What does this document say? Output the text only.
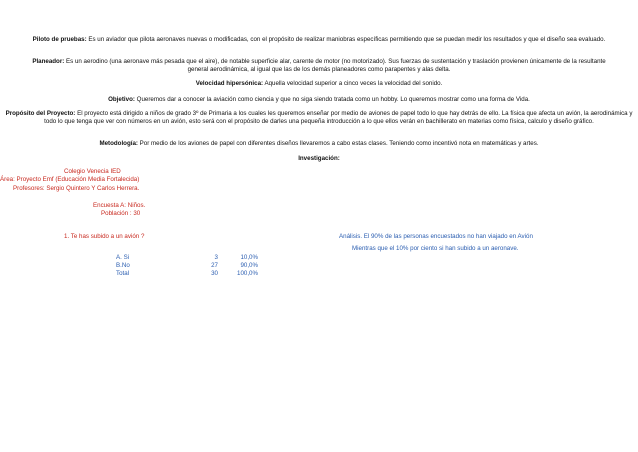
Piloto de pruebas: Es un aviador que pilota aeronaves nuevas o modificadas, con el propósito de realizar maniobras específicas permitiendo que se puedan medir los resultados y que el diseño sea evaluado.
Planeador: Es un aerodino (una aeronave más pesada que el aire), de notable superficie alar, carente de motor (no motorizado). Sus fuerzas de sustentación y traslación provienen únicamente de la resultante general aerodinámica, al igual que las de los demás planeadores como parapentes y alas delta.
Velocidad hipersónica: Aquella velocidad superior a cinco veces la velocidad del sonido.
Objetivo: Queremos dar a conocer la aviación como ciencia y que no siga siendo tratada como un hobby. Lo queremos mostrar como una forma de Vida.
Propósito del Proyecto: El proyecto está dirigido a niños de grado 3º de Primaria a los cuales les queremos enseñar por medio de aviones de papel todo lo que hay detrás de ello. La física que afecta un avión, la aerodinámica y todo lo que tenga que ver con números en un avión, esto será con el propósito de darles una pequeña introducción a lo que ellos verán en bachillerato en materias como física, calculo y diseño gráfico.
Metodología: Por medio de los aviones de papel con diferentes diseños llevaremos a cabo estas clases. Teniendo como incentivó nota en matemáticas y artes.
Investigación:
Colegio Venecia IED
Área: Proyecto Emf (Educación Media Fortalecida)
Profesores: Sergio Quintero Y Carlos Herrera.
Encuesta A: Niños.
Población : 30
1. Te has subido a un avión ?	Análisis. El 90% de las personas encuestados no han viajado en Avión
Mientras que el 10% por ciento si han subido a un aeronave.
A. Si	3	10,0%
B.No	27	90,0%
Total	30	100,0%
